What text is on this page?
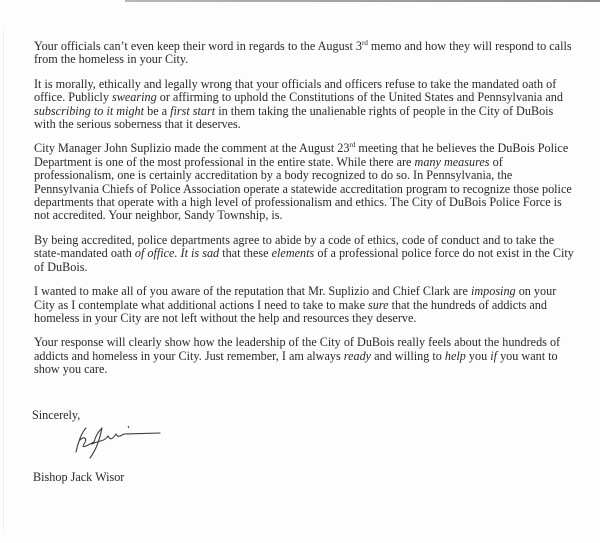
Your officials can’t even keep their word in regards to the August 3rd memo and how they will respond to calls from the homeless in your City.

It is morally, ethically and legally wrong that your officials and officers refuse to take the mandated oath of office. Publicly swearing or affirming to uphold the Constitutions of the United States and Pennsylvania and subscribing to it might be a first start in them taking the unalienable rights of people in the City of DuBois with the serious soberness that it deserves.

City Manager John Suplizio made the comment at the August 23rd meeting that he believes the DuBois Police Department is one of the most professional in the entire state. While there are many measures of professionalism, one is certainly accreditation by a body recognized to do so. In Pennsylvania, the Pennsylvania Chiefs of Police Association operate a statewide accreditation program to recognize those police departments that operate with a high level of professionalism and ethics. The City of DuBois Police Force is not accredited. Your neighbor, Sandy Township, is.

By being accredited, police departments agree to abide by a code of ethics, code of conduct and to take the state-mandated oath of office. It is sad that these elements of a professional police force do not exist in the City of DuBois.

I wanted to make all of you aware of the reputation that Mr. Suplizio and Chief Clark are imposing on your City as I contemplate what additional actions I need to take to make sure that the hundreds of addicts and homeless in your City are not left without the help and resources they deserve.

Your response will clearly show how the leadership of the City of DuBois really feels about the hundreds of addicts and homeless in your City. Just remember, I am always ready and willing to help you if you want to show you care.

Sincerely,
Bishop Jack Wisor
